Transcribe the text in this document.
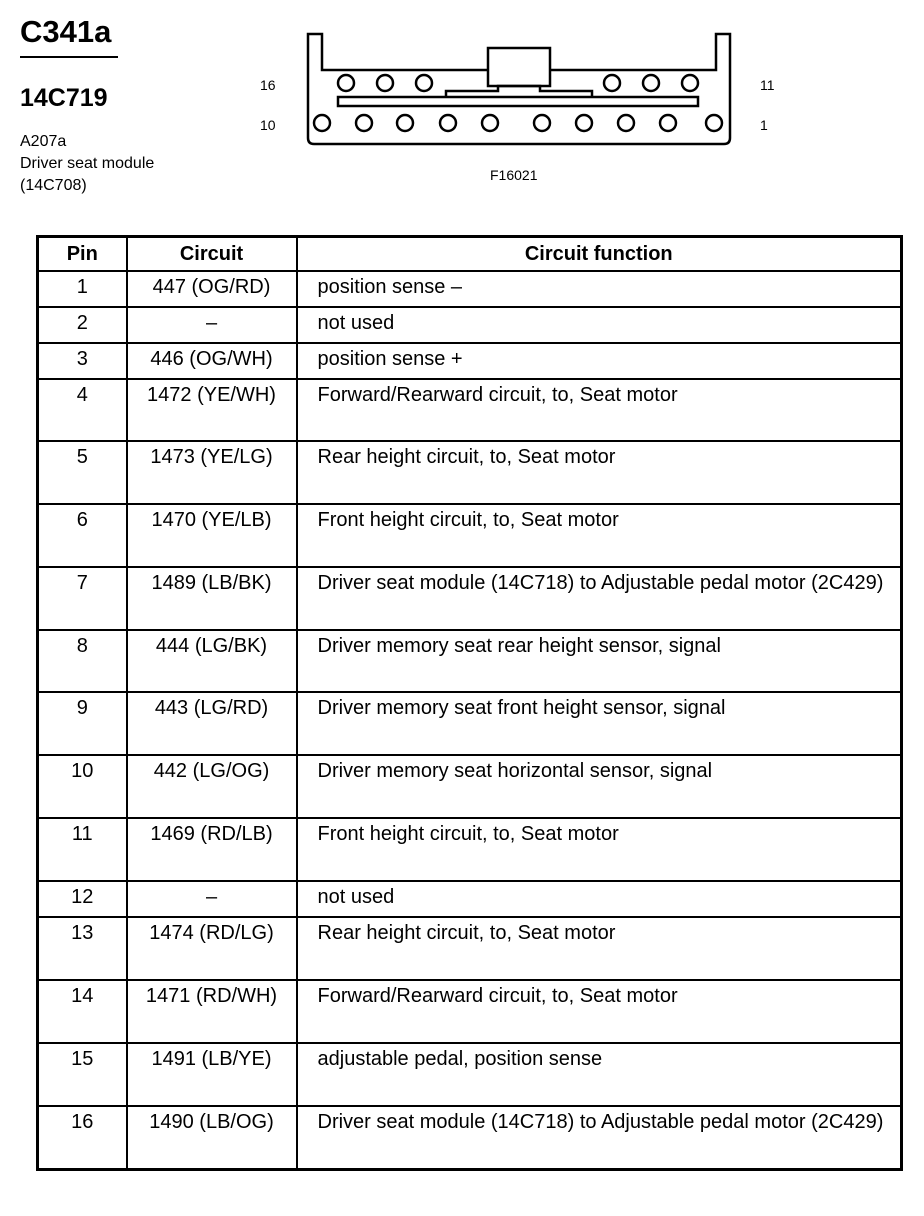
C341a
14C719
A207a
Driver seat module
(14C708)
16	11
10	1
F16021
Pin	Circuit	Circuit function
1	447 (OG/RD)	position sense –
2	–	not used
3	446 (OG/WH)	position sense +
4	1472 (YE/WH)	Forward/Rearward circuit, to, Seat motor
5	1473 (YE/LG)	Rear height circuit, to, Seat motor
6	1470 (YE/LB)	Front height circuit, to, Seat motor
7	1489 (LB/BK)	Driver seat module (14C718) to Adjustable pedal motor (2C429)
8	444 (LG/BK)	Driver memory seat rear height sensor, signal
9	443 (LG/RD)	Driver memory seat front height sensor, signal
10	442 (LG/OG)	Driver memory seat horizontal sensor, signal
11	1469 (RD/LB)	Front height circuit, to, Seat motor
12	–	not used
13	1474 (RD/LG)	Rear height circuit, to, Seat motor
14	1471 (RD/WH)	Forward/Rearward circuit, to, Seat motor
15	1491 (LB/YE)	adjustable pedal, position sense
16	1490 (LB/OG)	Driver seat module (14C718) to Adjustable pedal motor (2C429)
